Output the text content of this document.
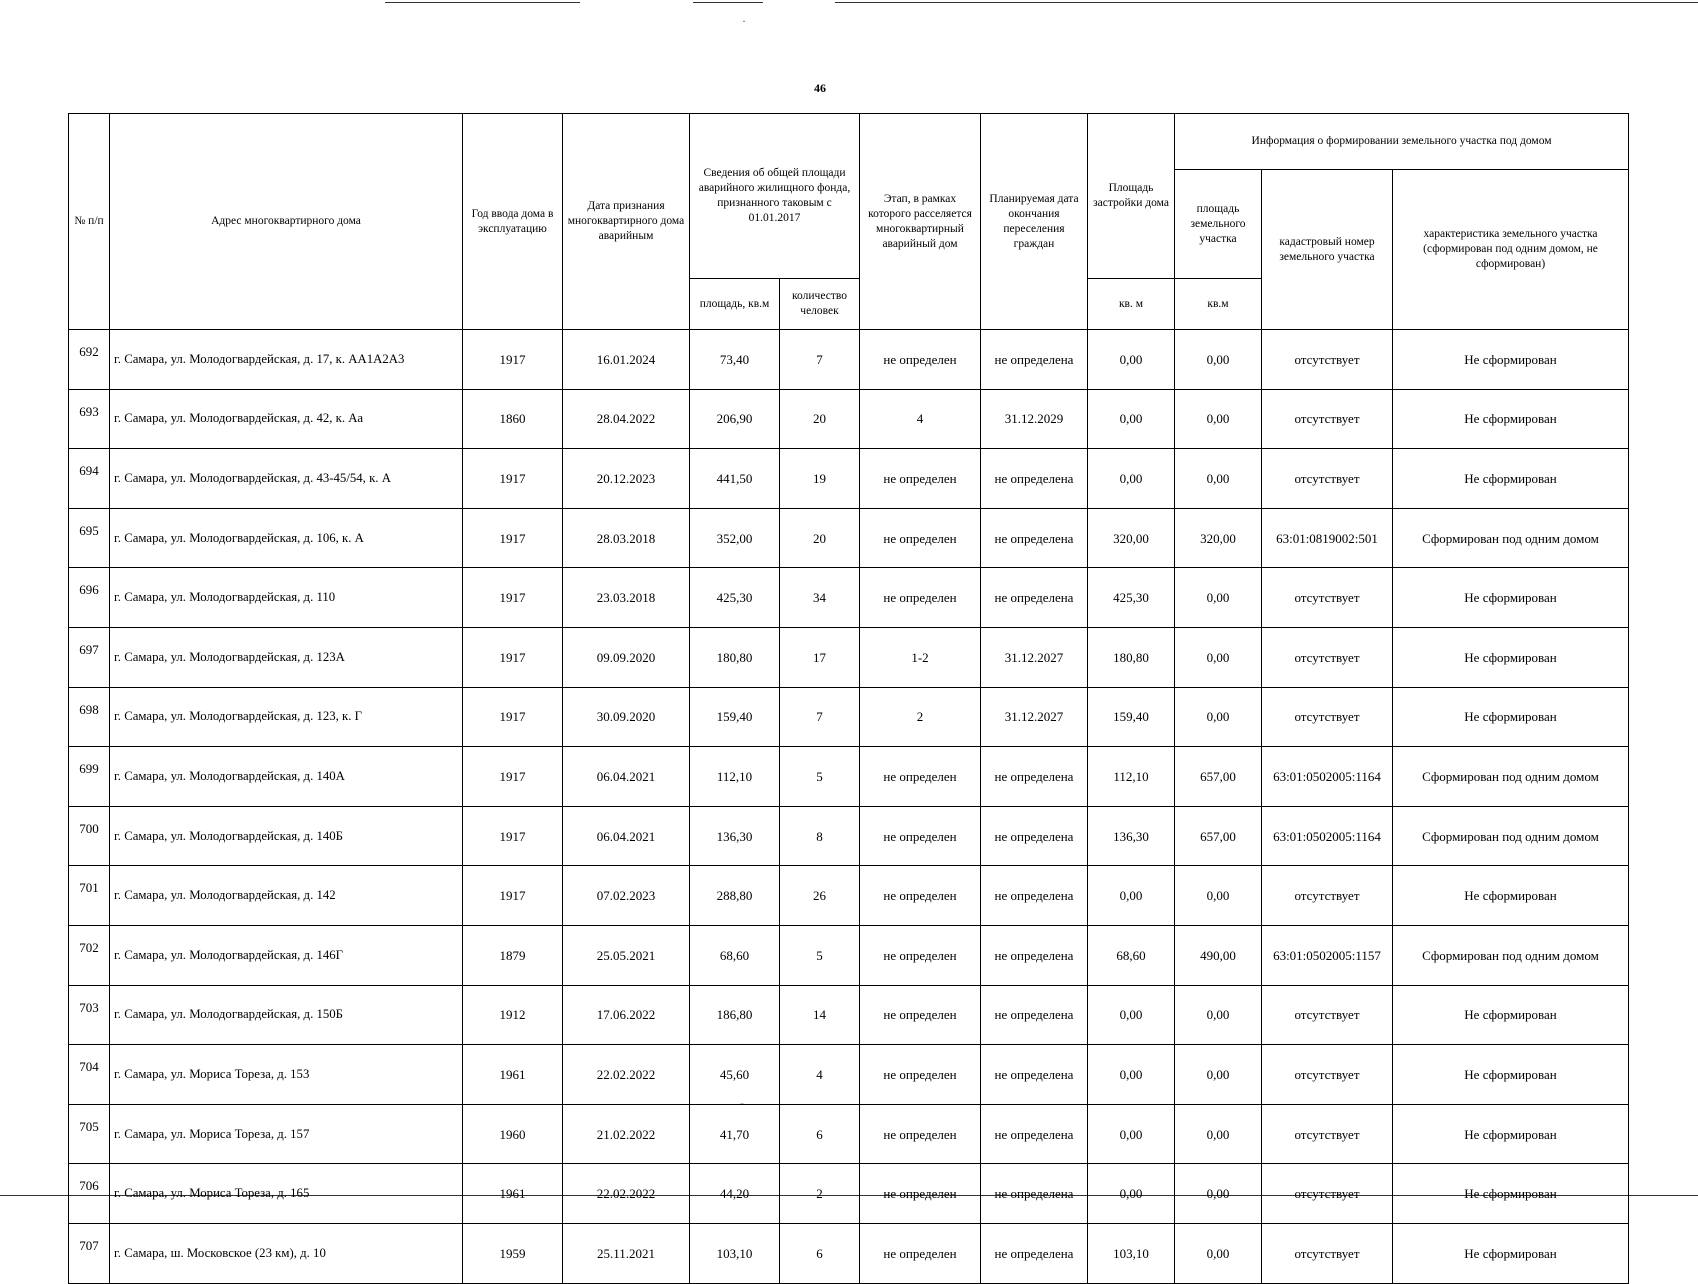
·
-
46
№ п/п	Адрес многоквартирного дома	Год ввода дома в эксплуатацию	Дата признания многоквартирного дома аварийным	Сведения об общей площади аварийного жилищного фонда, признанного таковым с 01.01.2017		Этап, в рамках которого расселяется многоквартирный аварийный дом	Планируемая дата окончания переселения граждан	Площадь застройки дома	Информация о формировании земельного участка под домом		
									площадь земельного участка	кадастровый номер земельного участка	характеристика земельного участка (сформирован под одним домом, не сформирован)
				площадь, кв.м	количество человек			кв. м	кв.м		
692	г. Самара, ул. Молодогвардейская, д. 17, к. АА1А2А3	1917	16.01.2024	73,40	7	не определен	не определена	0,00	0,00	отсутствует	Не сформирован
693	г. Самара, ул. Молодогвардейская, д. 42, к. Аа	1860	28.04.2022	206,90	20	4	31.12.2029	0,00	0,00	отсутствует	Не сформирован
694	г. Самара, ул. Молодогвардейская, д. 43-45/54, к. А	1917	20.12.2023	441,50	19	не определен	не определена	0,00	0,00	отсутствует	Не сформирован
695	г. Самара, ул. Молодогвардейская, д. 106, к. А	1917	28.03.2018	352,00	20	не определен	не определена	320,00	320,00	63:01:0819002:501	Сформирован под одним домом
696	г. Самара, ул. Молодогвардейская, д. 110	1917	23.03.2018	425,30	34	не определен	не определена	425,30	0,00	отсутствует	Не сформирован
697	г. Самара, ул. Молодогвардейская, д. 123А	1917	09.09.2020	180,80	17	1-2	31.12.2027	180,80	0,00	отсутствует	Не сформирован
698	г. Самара, ул. Молодогвардейская, д. 123, к. Г	1917	30.09.2020	159,40	7	2	31.12.2027	159,40	0,00	отсутствует	Не сформирован
699	г. Самара, ул. Молодогвардейская, д. 140А	1917	06.04.2021	112,10	5	не определен	не определена	112,10	657,00	63:01:0502005:1164	Сформирован под одним домом
700	г. Самара, ул. Молодогвардейская, д. 140Б	1917	06.04.2021	136,30	8	не определен	не определена	136,30	657,00	63:01:0502005:1164	Сформирован под одним домом
701	г. Самара, ул. Молодогвардейская, д. 142	1917	07.02.2023	288,80	26	не определен	не определена	0,00	0,00	отсутствует	Не сформирован
702	г. Самара, ул. Молодогвардейская, д. 146Г	1879	25.05.2021	68,60	5	не определен	не определена	68,60	490,00	63:01:0502005:1157	Сформирован под одним домом
703	г. Самара, ул. Молодогвардейская, д. 150Б	1912	17.06.2022	186,80	14	не определен	не определена	0,00	0,00	отсутствует	Не сформирован
704	г. Самара, ул. Мориса Тореза, д. 153	1961	22.02.2022	45,60	4	не определен	не определена	0,00	0,00	отсутствует	Не сформирован
705	г. Самара, ул. Мориса Тореза, д. 157	1960	21.02.2022	41,70	6	не определен	не определена	0,00	0,00	отсутствует	Не сформирован
706	г. Самара, ул. Мориса Тореза, д. 165	1961	22.02.2022	44,20	2	не определен	не определена	0,00	0,00	отсутствует	Не сформирован
707	г. Самара, ш. Московское (23 км), д. 10	1959	25.11.2021	103,10	6	не определен	не определена	103,10	0,00	отсутствует	Не сформирован
